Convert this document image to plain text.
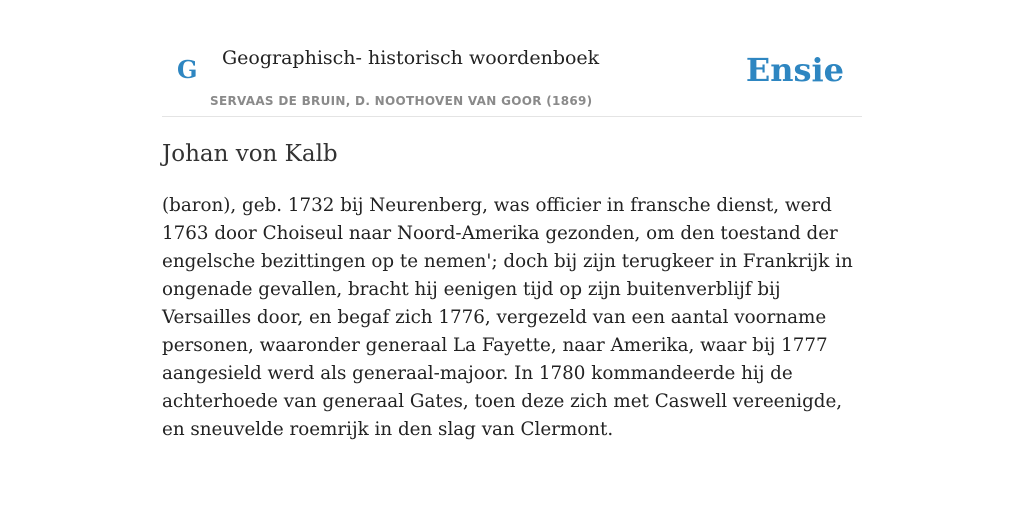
G Geographisch- historisch woordenboek
SERVAAS DE BRUIN, D. NOOTHOVEN VAN GOOR (1869)
Ensie
Johan von Kalb

(baron), geb. 1732 bij Neurenberg, was officier in fransche dienst, werd 1763 door Choiseul naar Noord-Amerika gezonden, om den toestand der engelsche bezittingen op te nemen'; doch bij zijn terugkeer in Frankrijk in ongenade gevallen, bracht hij eenigen tijd op zijn buitenverblijf bij Versailles door, en begaf zich 1776, vergezeld van een aantal voorname personen, waaronder generaal La Fayette, naar Amerika, waar bij 1777 aangesield werd als generaal-majoor. In 1780 kommandeerde hij de achterhoede van generaal Gates, toen deze zich met Caswell vereenigde, en sneuvelde roemrijk in den slag van Clermont.
